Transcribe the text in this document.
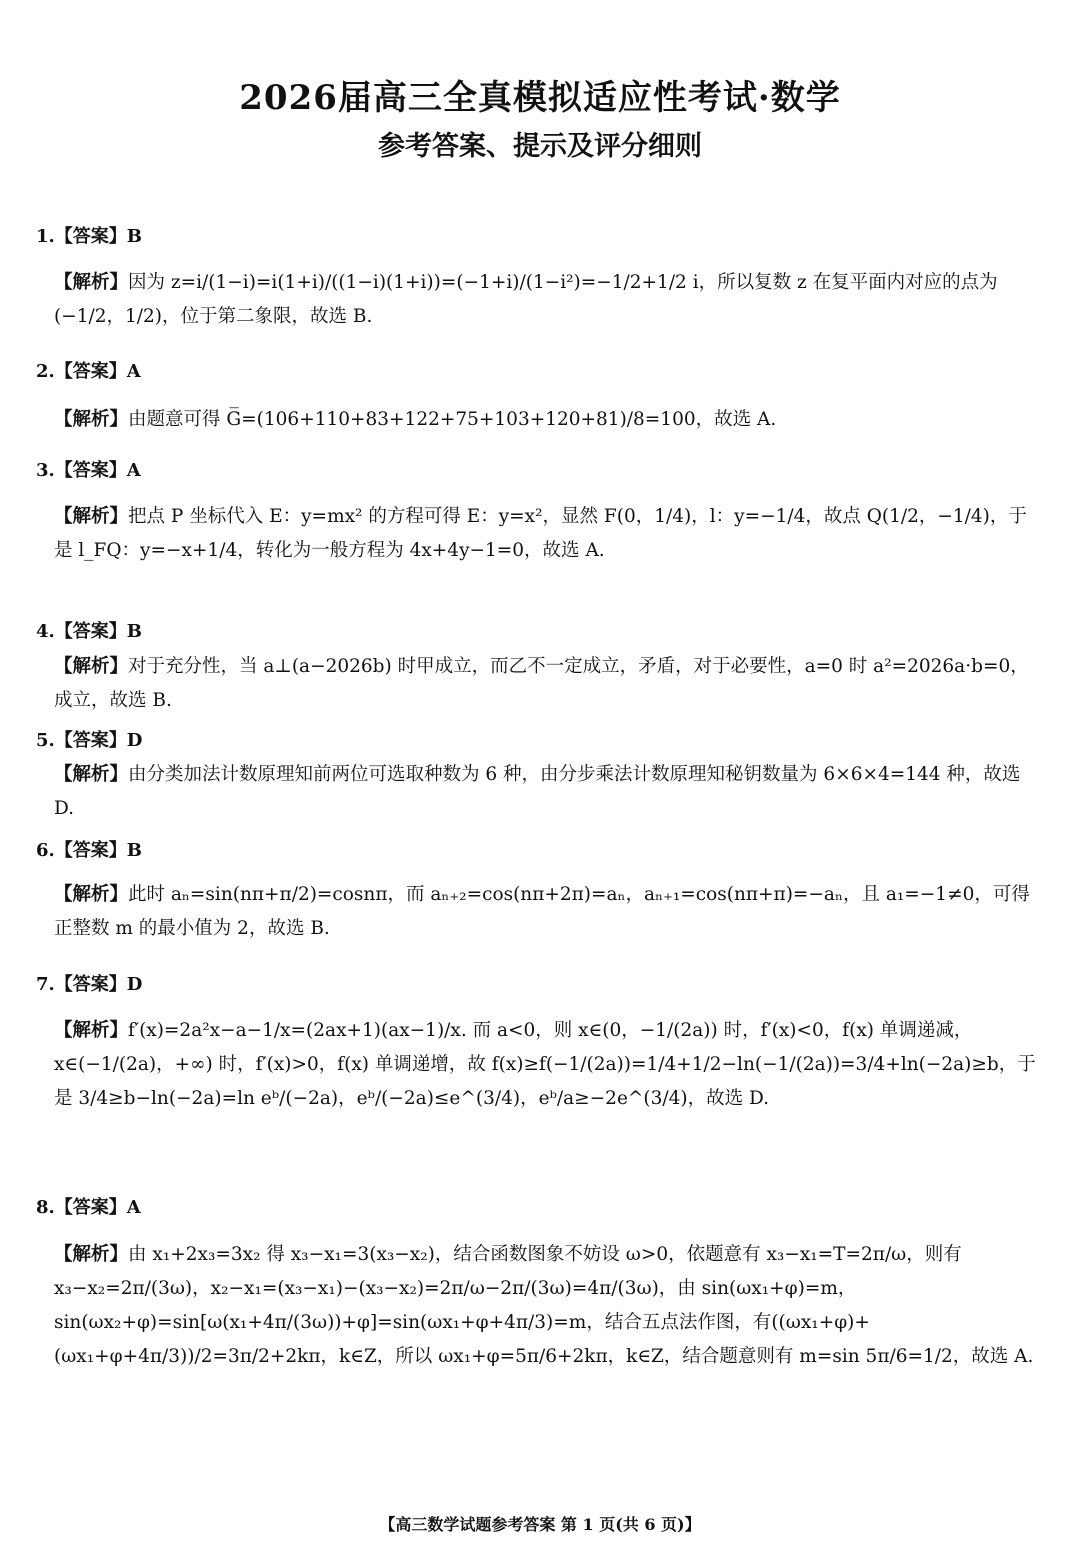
2026届高三全真模拟适应性考试·数学
参考答案、提示及评分细则
1.【答案】B
【解析】因为 z=i/(1−i)=i(1+i)/((1−i)(1+i))=(−1+i)/(1−i²)=−1/2+1/2 i，所以复数 z 在复平面内对应的点为(−1/2，1/2)，位于第二象限，故选 B.
2.【答案】A
【解析】由题意可得 G̅=(106+110+83+122+75+103+120+81)/8=100，故选 A.
3.【答案】A
【解析】把点 P 坐标代入 E：y=mx² 的方程可得 E：y=x²，显然 F(0，1/4)，l：y=−1/4，故点 Q(1/2，−1/4)，于是 l_FQ：y=−x+1/4，转化为一般方程为 4x+4y−1=0，故选 A.
4.【答案】B
【解析】对于充分性，当 a⊥(a−2026b) 时甲成立，而乙不一定成立，矛盾，对于必要性，a=0 时 a²=2026a·b=0，成立，故选 B.
5.【答案】D
【解析】由分类加法计数原理知前两位可选取种数为 6 种，由分步乘法计数原理知秘钥数量为 6×6×4=144 种，故选 D.
6.【答案】B
【解析】此时 aₙ=sin(nπ+π/2)=cosnπ，而 aₙ₊₂=cos(nπ+2π)=aₙ，aₙ₊₁=cos(nπ+π)=−aₙ，且 a₁=−1≠0，可得正整数 m 的最小值为 2，故选 B.
7.【答案】D
【解析】f′(x)=2a²x−a−1/x=(2ax+1)(ax−1)/x. 而 a<0，则 x∈(0，−1/(2a)) 时，f′(x)<0，f(x) 单调递减，x∈(−1/(2a)，+∞) 时，f′(x)>0，f(x) 单调递增，故 f(x)≥f(−1/(2a))=1/4+1/2−ln(−1/(2a))=3/4+ln(−2a)≥b，于是 3/4≥b−ln(−2a)=ln eᵇ/(−2a)，eᵇ/(−2a)≤e^(3/4)，eᵇ/a≥−2e^(3/4)，故选 D.
8.【答案】A
【解析】由 x₁+2x₃=3x₂ 得 x₃−x₁=3(x₃−x₂)，结合函数图象不妨设 ω>0，依题意有 x₃−x₁=T=2π/ω，则有 x₃−x₂=2π/(3ω)，x₂−x₁=(x₃−x₁)−(x₃−x₂)=2π/ω−2π/(3ω)=4π/(3ω)，由 sin(ωx₁+φ)=m，sin(ωx₂+φ)=sin[ω(x₁+4π/(3ω))+φ]=sin(ωx₁+φ+4π/3)=m，结合五点法作图，有((ωx₁+φ)+(ωx₁+φ+4π/3))/2=3π/2+2kπ，k∈Z，所以 ωx₁+φ=5π/6+2kπ，k∈Z，结合题意则有 m=sin 5π/6=1/2，故选 A.
【高三数学试题参考答案 第 1 页(共 6 页)】
